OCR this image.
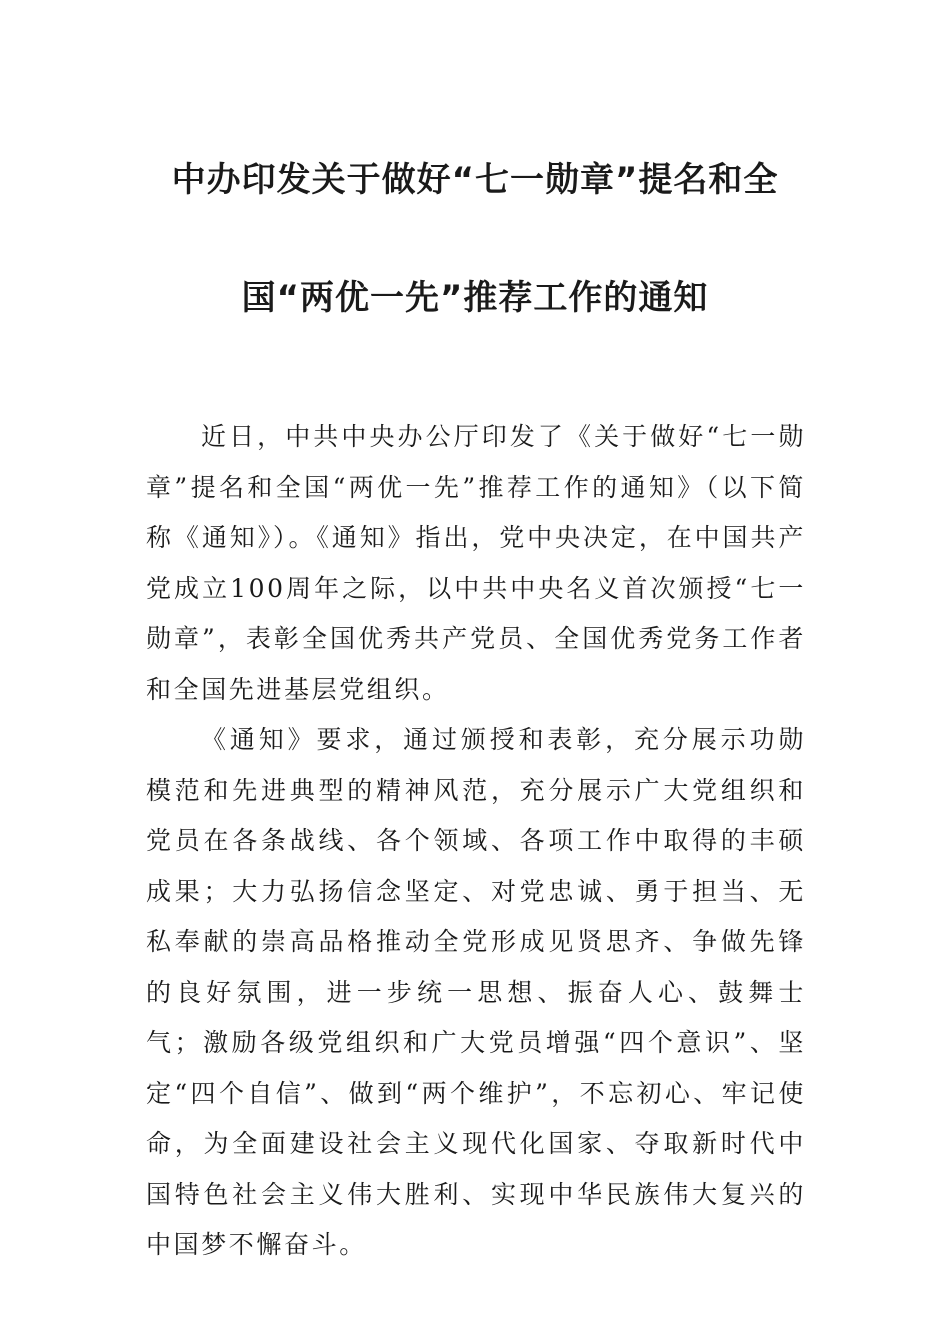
中办印发关于做好“七一勋章”提名和全
国“两优一先”推荐工作的通知

近日，中共中央办公厅印发了《关于做好“七一勋章”提名和全国“两优一先”推荐工作的通知》（以下简称《通知》）。《通知》指出，党中央决定，在中国共产党成立100周年之际，以中共中央名义首次颁授“七一勋章”，表彰全国优秀共产党员、全国优秀党务工作者和全国先进基层党组织。

《通知》要求，通过颁授和表彰，充分展示功勋模范和先进典型的精神风范，充分展示广大党组织和党员在各条战线、各个领域、各项工作中取得的丰硕成果；大力弘扬信念坚定、对党忠诚、勇于担当、无私奉献的崇高品格推动全党形成见贤思齐、争做先锋的良好氛围，进一步统一思想、振奋人心、鼓舞士气；激励各级党组织和广大党员增强“四个意识”、坚定“四个自信”、做到“两个维护”，不忘初心、牢记使命，为全面建设社会主义现代化国家、夺取新时代中国特色社会主义伟大胜利、实现中华民族伟大复兴的中国梦不懈奋斗。
